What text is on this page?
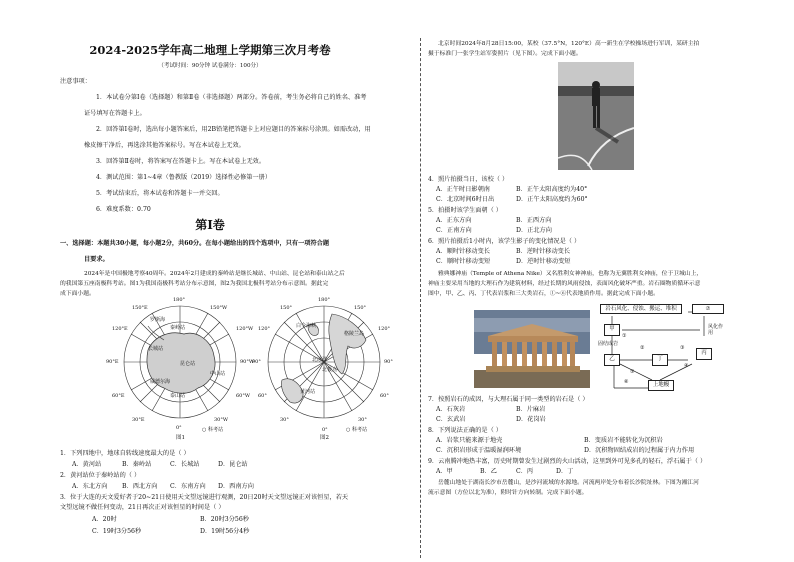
2024-2025学年高二地理上学期第三次月考卷
（考试时间：90分钟 试卷满分：100分）
注意事项：
1．本试卷分第Ⅰ卷（选择题）和第Ⅱ卷（非选择题）两部分。答卷前，考生务必将自己的姓名、准考
证号填写在答题卡上。
2．回答第Ⅰ卷时，选出每小题答案后，用2B铅笔把答题卡上对应题目的答案标号涂黑。如需改动，用
橡皮擦干净后，再选涂其他答案标号。写在本试卷上无效。
3．回答第Ⅱ卷时，将答案写在答题卡上。写在本试卷上无效。
4．测试范围：第1~4章（鲁教版（2019）选择性必修第一册）
5．考试结束后，将本试卷和答题卡一并交回。
6．难度系数：0.70
第Ⅰ卷
一、选择题：本题共30小题，每小题2分，共60分。在每小题给出的四个选项中，只有一项符合题
目要求。
2024年是中国极地考察40周年。2024年2月建成的秦岭站是继长城站、中山站、昆仑站和泰山站之后
的我国第五座南极科考站。图1为我国南极科考站分布示意图，图2为我国北极科考站分布示意图。据此完
成下面小题。
180°
150°W
150°E
120°E
90°E
60°E
30°E
0°
30°W
60°W
90°W
120°W
长城站
中山站
昆仑站
泰山站
秦岭站
罗斯海
威德尔海
○ 科考站
图1
180°
150°
120°
90°
60°
30°
0°
30°
60°
90°
120°
150°
黄河站
北冰洋
格陵兰岛
白令海峡
北极点
○ 科考站
图2
1．下列四地中，地球自转线速度最大的是（ ）
A．黄河站	B．秦岭站	C．长城站	D．昆仑站
2．黄河站位于秦岭站的（ ）
A．东北方向 B．西北方向 C．东南方向 D．西南方向
3．位于大连的天文爱好者于20~21日使用天文望远镜进行观测，20日20时天文望远镜正对该恒星，若天
文望远镜不做任何变动，21日再次正对该恒星的时间是（ ）
A．20时	B．20时3分56秒
C．19时3分56秒	D．19时56分4秒
北京时间2024年8月28日15:00，某校（37.5°N，120°E）高一新生在学校操场进行军训，某研主拍
摄于标准门一张学生站军姿照片（见下图）。完成下面小题。
4．照片拍摄当日，该校（ ）
A．正午时日影朝南	B．正午太阳高度约为40°
C．北京时间6时日出	D．正午太阳高度约为60°
5．拍摄时该学生面朝（ ）
A．正东方向	B．正西方向
C．正南方向	D．正北方向
6．照片拍摄后1小时内，该学生影子的变化情况是（ ）
A．顺时针移动变长	B．逆时针移动变长
C．顺时针移动变短	D．逆时针移动变短
雅典娜神庙（Temple of Athena Nike）又名胜利女神神庙，也称为无翼胜利女神庙，位于卫城山上，
神庙主要采用当地的大理石作为建筑材料，经过长期的风雨侵蚀，表面风化破坏严重。岩石圈物质循环示意
图中，甲、乙、丙、丁代表岩浆和三大类岩石，①~⑥代表地质作用。据此完成下面小题。
岩石风化、侵蚀、搬运、堆积	⑦
甲
丙
乙	丁
上地幔
风化作用
①
②	③
④
⑤
⑥
固结成岩
7．按照岩石的成因，与大理石属于同一类型的岩石是（ ）
A．石灰岩	B．片麻岩
C．玄武岩	D．花岗岩
8．下列说法正确的是（ ）
A．岩浆只能来源于地壳	B．变质岩不能转化为沉积岩
C．沉积岩形成于温暖湿润环境	D．沉积物固结成岩的过程属于内力作用
9．云南腾冲地热丰富，历史时期曾发生过剧烈的火山活动，这里到外可见多孔的轻石，浮石属于（ ）
A．甲	B．乙	C．丙	D．丁
岳麓山地处于湖南长沙市岳麓山，是沙河流域的水源地。河流两岸处分布着长沙院址林。下图为湘江河
流示意图（方位以北为准），附时针方向转制。完成下面小题。
